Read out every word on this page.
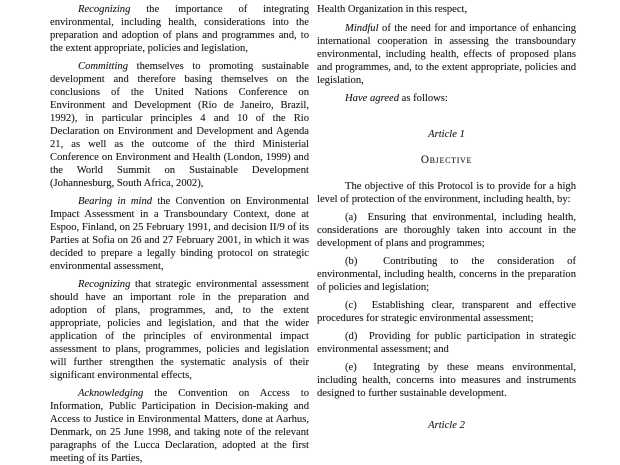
Recognizing the importance of integrating environmental, including health, considerations into the preparation and adoption of plans and programmes and, to the extent appropriate, policies and legislation,

Committing themselves to promoting sustainable development and therefore basing themselves on the conclusions of the United Nations Conference on Environment and Development (Rio de Janeiro, Brazil, 1992), in particular principles 4 and 10 of the Rio Declaration on Environment and Development and Agenda 21, as well as the outcome of the third Ministerial Conference on Environment and Health (London, 1999) and the World Summit on Sustainable Development (Johannesburg, South Africa, 2002),

Bearing in mind the Convention on Environmental Impact Assessment in a Transboundary Context, done at Espoo, Finland, on 25 February 1991, and decision II/9 of its Parties at Sofia on 26 and 27 February 2001, in which it was decided to prepare a legally binding protocol on strategic environmental assessment,

Recognizing that strategic environmental assessment should have an important role in the preparation and adoption of plans, programmes, and, to the extent appropriate, policies and legislation, and that the wider application of the principles of environmental impact assessment to plans, programmes, policies and legislation will further strengthen the systematic analysis of their significant environmental effects,

Acknowledging the Convention on Access to Information, Public Participation in Decision-making and Access to Justice in Environmental Matters, done at Aarhus, Denmark, on 25 June 1998, and taking note of the relevant paragraphs of the Lucca Declaration, adopted at the first meeting of its Parties,

Health Organization in this respect,

Mindful of the need for and importance of enhancing international cooperation in assessing the transboundary environmental, including health, effects of proposed plans and programmes, and, to the extent appropriate, policies and legislation,

Have agreed as follows:

Article 1

Objective

The objective of this Protocol is to provide for a high level of protection of the environment, including health, by:

(a)  Ensuring that environmental, including health, considerations are thoroughly taken into account in the development of plans and programmes;

(b)  Contributing to the consideration of environmental, including health, concerns in the preparation of policies and legislation;

(c)  Establishing clear, transparent and effective procedures for strategic environmental assessment;

(d)  Providing for public participation in strategic environmental assessment; and

(e)  Integrating by these means environmental, including health, concerns into measures and instruments designed to further sustainable development.

Article 2
